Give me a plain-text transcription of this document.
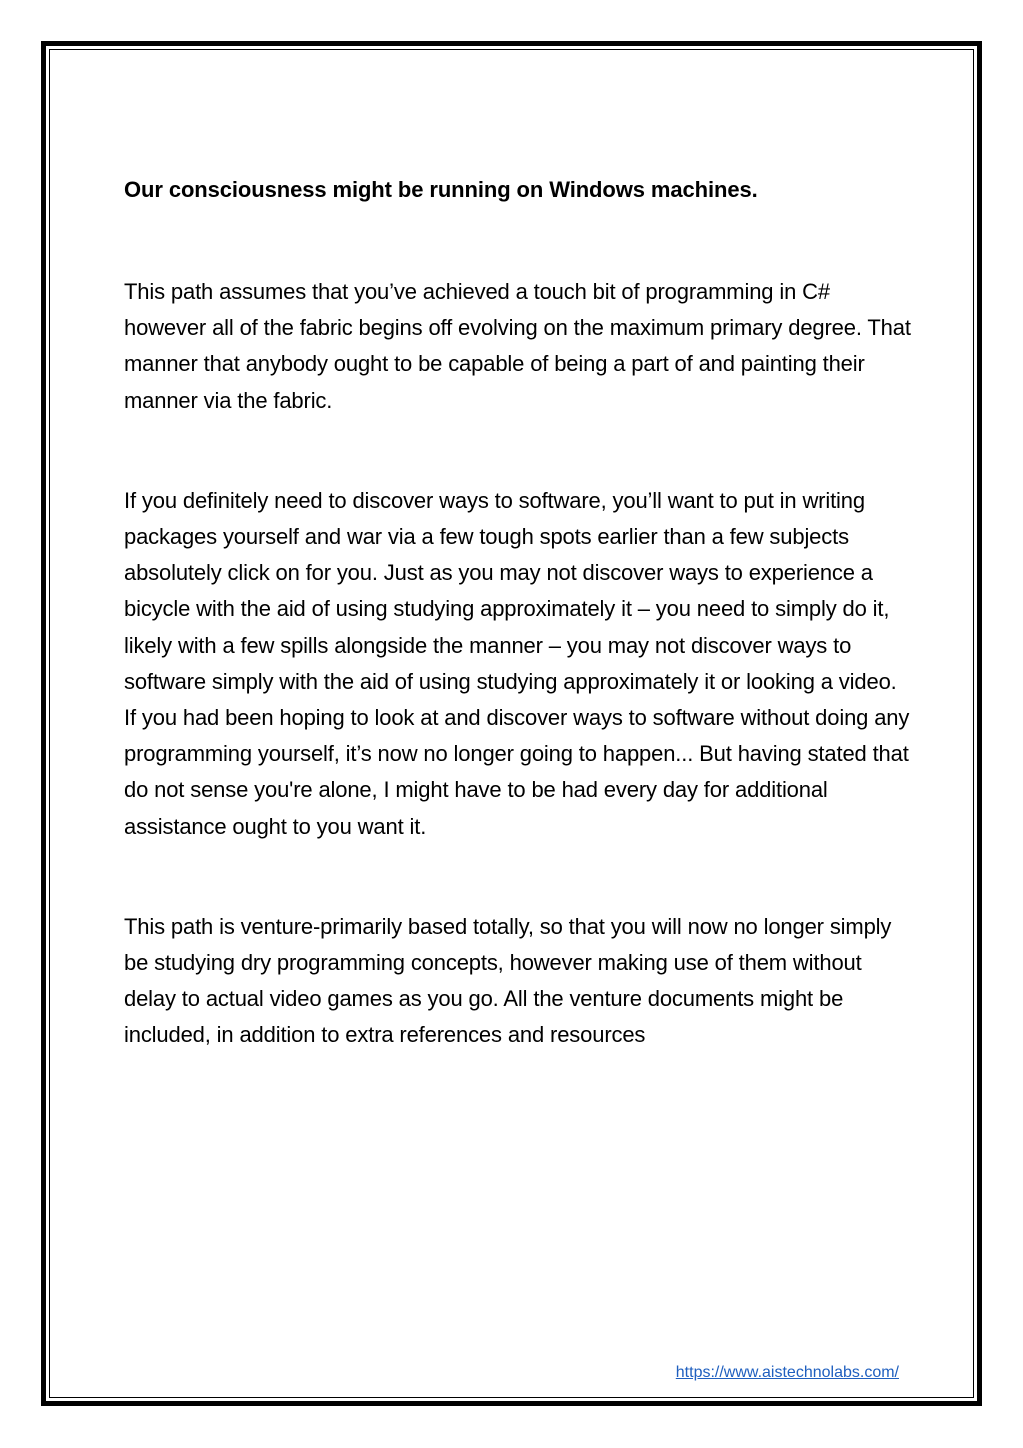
Our consciousness might be running on Windows machines.

This path assumes that you’ve achieved a touch bit of programming in C# however all of the fabric begins off evolving on the maximum primary degree. That manner that anybody ought to be capable of being a part of and painting their manner via the fabric.

If you definitely need to discover ways to software, you’ll want to put in writing packages yourself and war via a few tough spots earlier than a few subjects absolutely click on for you. Just as you may not discover ways to experience a bicycle with the aid of using studying approximately it – you need to simply do it, likely with a few spills alongside the manner – you may not discover ways to software simply with the aid of using studying approximately it or looking a video. If you had been hoping to look at and discover ways to software without doing any programming yourself, it’s now no longer going to happen... But having stated that do not sense you're alone, I might have to be had every day for additional assistance ought to you want it.

This path is venture-primarily based totally, so that you will now no longer simply be studying dry programming concepts, however making use of them without delay to actual video games as you go. All the venture documents might be included, in addition to extra references and resources

https://www.aistechnolabs.com/
